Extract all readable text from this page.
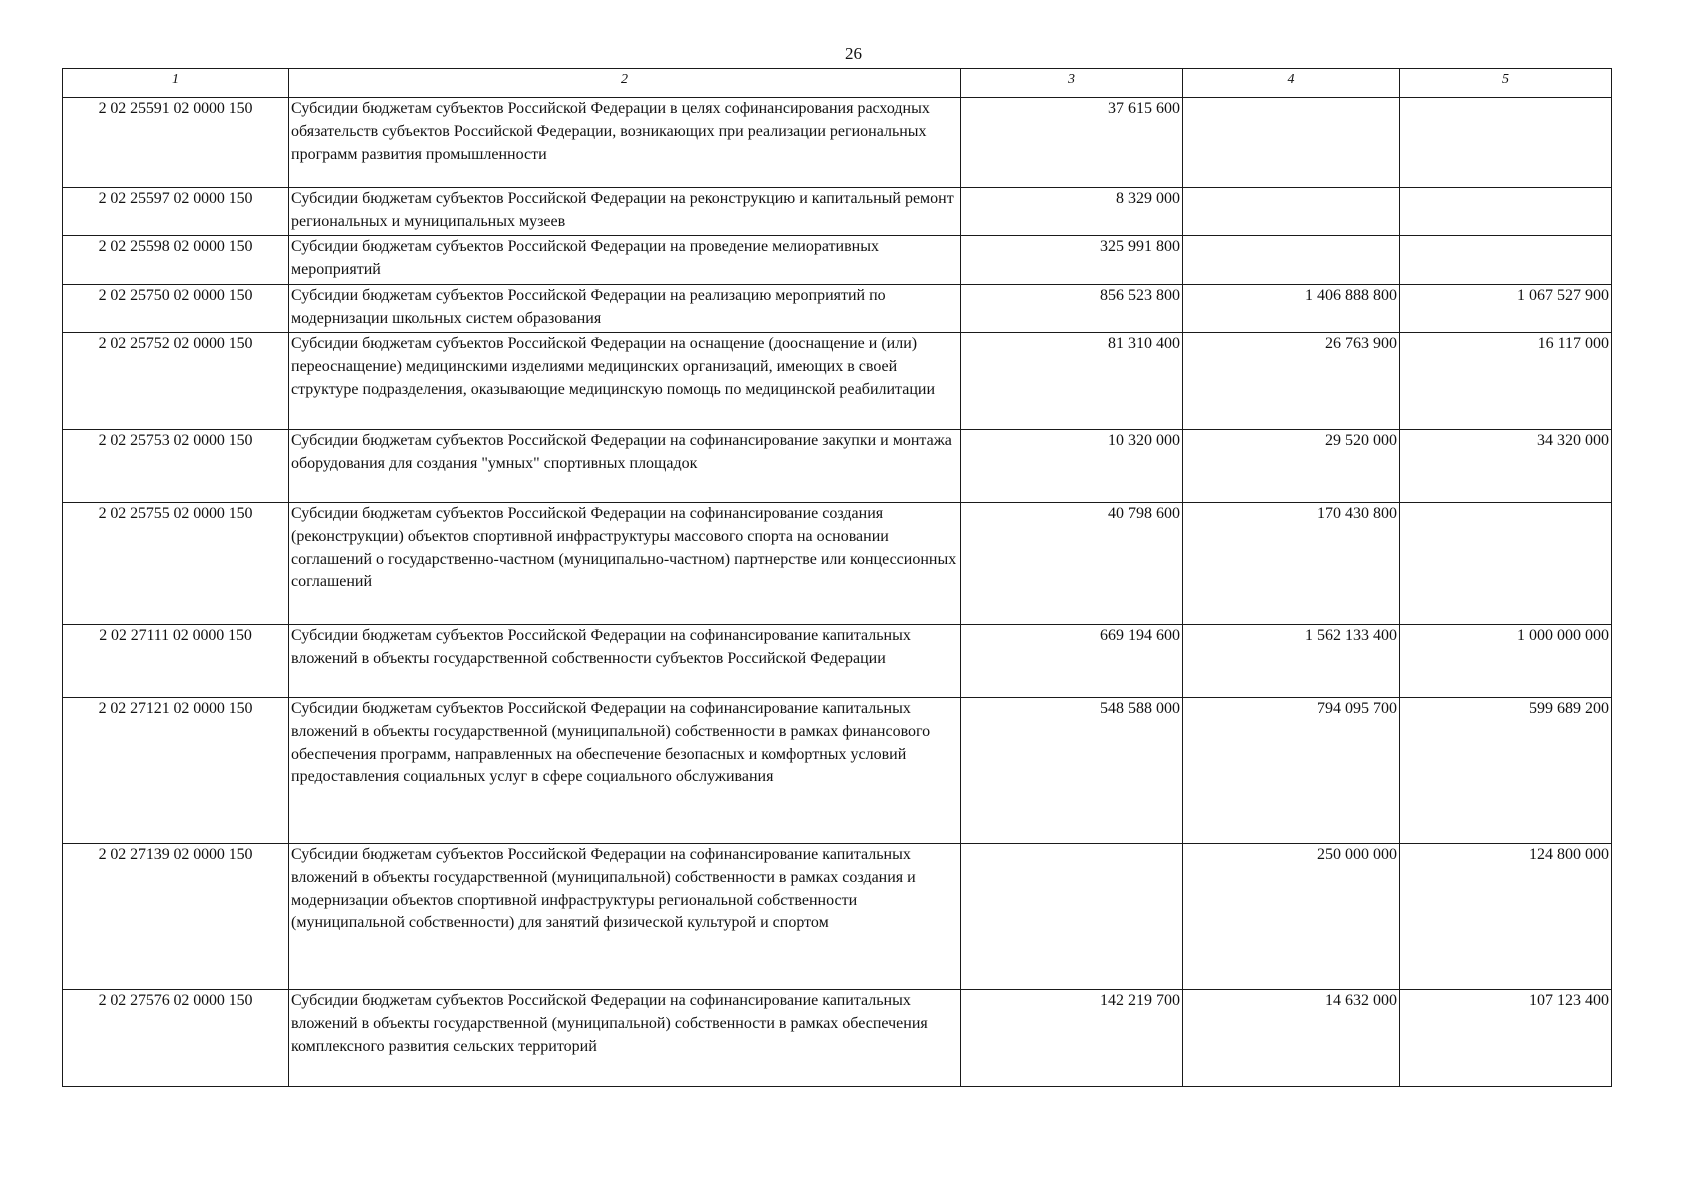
26
1	2	3	4	5
2 02 25591 02 0000 150	Субсидии бюджетам субъектов Российской Федерации в целях софинансирования расходных обязательств субъектов Российской Федерации, возникающих при реализации региональных программ развития промышленности	37 615 600		
2 02 25597 02 0000 150	Субсидии бюджетам субъектов Российской Федерации на реконструкцию и капитальный ремонт региональных и муниципальных музеев	8 329 000		
2 02 25598 02 0000 150	Субсидии бюджетам субъектов Российской Федерации на проведение мелиоративных мероприятий	325 991 800		
2 02 25750 02 0000 150	Субсидии бюджетам субъектов Российской Федерации на реализацию мероприятий по модернизации школьных систем образования	856 523 800	1 406 888 800	1 067 527 900
2 02 25752 02 0000 150	Субсидии бюджетам субъектов Российской Федерации на оснащение (дооснащение и (или) переоснащение) медицинскими изделиями медицинских организаций, имеющих в своей структуре подразделения, оказывающие медицинскую помощь по медицинской реабилитации	81 310 400	26 763 900	16 117 000
2 02 25753 02 0000 150	Субсидии бюджетам субъектов Российской Федерации на софинансирование закупки и монтажа оборудования для создания "умных" спортивных площадок	10 320 000	29 520 000	34 320 000
2 02 25755 02 0000 150	Субсидии бюджетам субъектов Российской Федерации на софинансирование создания (реконструкции) объектов спортивной инфраструктуры массового спорта на основании соглашений о государственно-частном (муниципально-частном) партнерстве или концессионных соглашений	40 798 600	170 430 800	
2 02 27111 02 0000 150	Субсидии бюджетам субъектов Российской Федерации на софинансирование капитальных вложений в объекты государственной собственности субъектов Российской Федерации	669 194 600	1 562 133 400	1 000 000 000
2 02 27121 02 0000 150	Субсидии бюджетам субъектов Российской Федерации на софинансирование капитальных вложений в объекты государственной (муниципальной) собственности в рамках финансового обеспечения программ, направленных на обеспечение безопасных и комфортных условий предоставления социальных услуг в сфере социального обслуживания	548 588 000	794 095 700	599 689 200
2 02 27139 02 0000 150	Субсидии бюджетам субъектов Российской Федерации на софинансирование капитальных вложений в объекты государственной (муниципальной) собственности в рамках создания и модернизации объектов спортивной инфраструктуры региональной собственности (муниципальной собственности) для занятий физической культурой и спортом		250 000 000	124 800 000
2 02 27576 02 0000 150	Субсидии бюджетам субъектов Российской Федерации на софинансирование капитальных вложений в объекты государственной (муниципальной) собственности в рамках обеспечения комплексного развития сельских территорий	142 219 700	14 632 000	107 123 400
